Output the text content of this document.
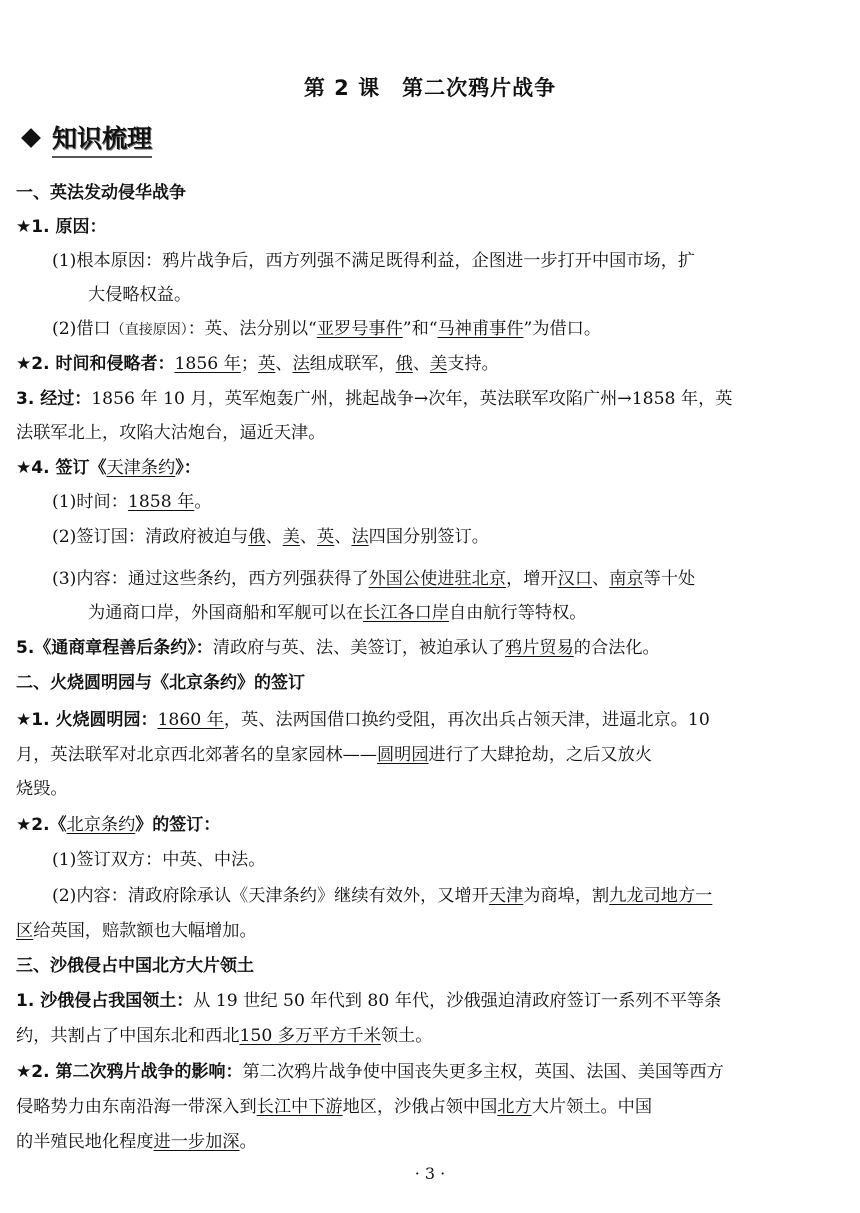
第 2 课　第二次鸦片战争
知识梳理
一、英法发动侵华战争
★1. 原因：
(1)根本原因：鸦片战争后，西方列强不满足既得利益，企图进一步打开中国市场，扩
大侵略权益。
(2)借口（直接原因）：英、法分别以“亚罗号事件”和“马神甫事件”为借口。
★2. 时间和侵略者：1856 年；英、法组成联军，俄、美支持。
3. 经过：1856 年 10 月，英军炮轰广州，挑起战争→次年，英法联军攻陷广州→1858 年，英
法联军北上，攻陷大沽炮台，逼近天津。
★4. 签订《天津条约》：
(1)时间：1858 年。
(2)签订国：清政府被迫与俄、美、英、法四国分别签订。
(3)内容：通过这些条约，西方列强获得了外国公使进驻北京，增开汉口、南京等十处
为通商口岸，外国商船和军舰可以在长江各口岸自由航行等特权。
5.《通商章程善后条约》：清政府与英、法、美签订，被迫承认了鸦片贸易的合法化。
二、火烧圆明园与《北京条约》的签订
★1. 火烧圆明园：1860 年，英、法两国借口换约受阻，再次出兵占领天津，进逼北京。10
月，英法联军对北京西北郊著名的皇家园林——圆明园进行了大肆抢劫，之后又放火
烧毁。
★2.《北京条约》的签订：
(1)签订双方：中英、中法。
(2)内容：清政府除承认《天津条约》继续有效外，又增开天津为商埠，割九龙司地方一
区给英国，赔款额也大幅增加。
三、沙俄侵占中国北方大片领土
1. 沙俄侵占我国领土：从 19 世纪 50 年代到 80 年代，沙俄强迫清政府签订一系列不平等条
约，共割占了中国东北和西北150 多万平方千米领土。
★2. 第二次鸦片战争的影响：第二次鸦片战争使中国丧失更多主权，英国、法国、美国等西方
侵略势力由东南沿海一带深入到长江中下游地区，沙俄占领中国北方大片领土。中国
的半殖民地化程度进一步加深。
· 3 ·
